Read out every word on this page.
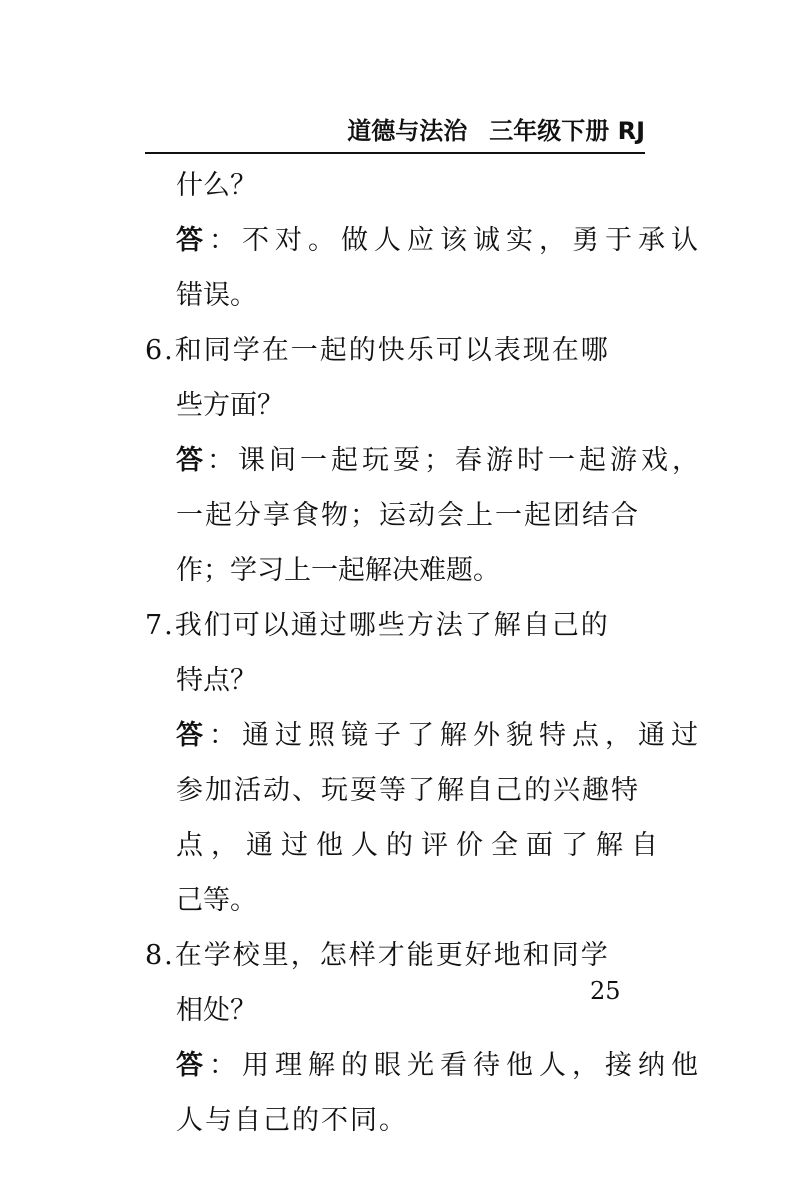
道德与法治 三年级下册 RJ
什么？
答：不对。做人应该诚实，勇于承认
错误。
6.和同学在一起的快乐可以表现在哪
些方面？
答：课间一起玩耍；春游时一起游戏，
一起分享食物；运动会上一起团结合
作；学习上一起解决难题。
7.我们可以通过哪些方法了解自己的
特点？
答：通过照镜子了解外貌特点，通过
参加活动、玩耍等了解自己的兴趣特
点，通过他人的评价全面了解自
己等。
8.在学校里，怎样才能更好地和同学
相处？
答：用理解的眼光看待他人，接纳他
人与自己的不同。
25
